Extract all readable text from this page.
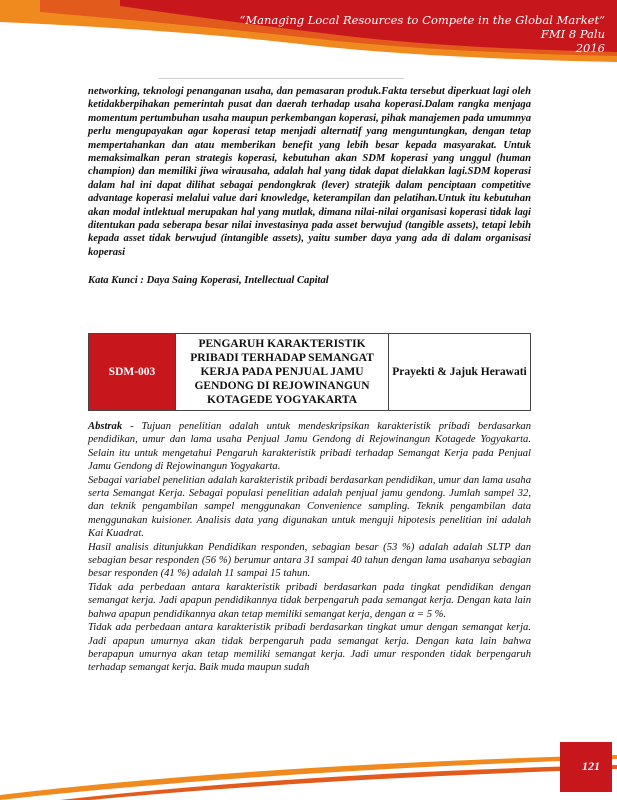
“Managing Local Resources to Compete in the Global Market”
FMI 8 Palu
2016

networking, teknologi penanganan usaha, dan pemasaran produk.Fakta tersebut diperkuat lagi oleh ketidakberpihakan pemerintah pusat dan daerah terhadap usaha koperasi.Dalam rangka menjaga momentum pertumbuhan usaha maupun perkembangan koperasi, pihak manajemen pada umumnya perlu mengupayakan agar koperasi tetap menjadi alternatif yang menguntungkan, dengan tetap mempertahankan dan atau memberikan benefit yang lebih besar kepada masyarakat. Untuk memaksimalkan peran strategis koperasi, kebutuhan akan SDM koperasi yang unggul (human champion) dan memiliki jiwa wirausaha, adalah hal yang tidak dapat dielakkan lagi.SDM koperasi dalam hal ini dapat dilihat sebagai pendongkrak (lever) stratejik dalam penciptaan competitive advantage koperasi melalui value dari knowledge, keterampilan dan pelatihan.Untuk itu kebutuhan akan modal intlektual merupakan hal yang mutlak, dimana nilai-nilai organisasi koperasi tidak lagi ditentukan pada seberapa besar nilai investasinya pada asset berwujud (tangible assets), tetapi lebih kepada asset tidak berwujud (intangible assets), yaitu sumber daya yang ada di dalam organisasi koperasi

Kata Kunci : Daya Saing Koperasi, Intellectual Capital

SDM-003	PENGARUH KARAKTERISTIK PRIBADI TERHADAP SEMANGAT KERJA PADA PENJUAL JAMU GENDONG DI REJOWINANGUN KOTAGEDE YOGYAKARTA	Prayekti & Jajuk Herawati

Abstrak - Tujuan penelitian adalah untuk mendeskripsikan karakteristik pribadi berdasarkan pendidikan, umur dan lama usaha Penjual Jamu Gendong di Rejowinangun Kotagede Yogyakarta. Selain itu untuk mengetahui Pengaruh karakteristik pribadi terhadap Semangat Kerja pada Penjual Jamu Gendong di Rejowinangun Yogyakarta.

Sebagai variabel penelitian adalah karakteristik pribadi berdasarkan pendidikan, umur dan lama usaha serta Semangat Kerja. Sebagai populasi penelitian adalah penjual jamu gendong. Jumlah sampel 32, dan teknik pengambilan sampel menggunakan Convenience sampling. Teknik pengambilan data menggunakan kuisioner. Analisis data yang digunakan untuk menguji hipotesis penelitian ini adalah Kai Kuadrat.

Hasil analisis ditunjukkan Pendidikan responden, sebagian besar (53 %) adalah adalah SLTP dan sebagian besar responden (56 %) berumur antara 31 sampai 40 tahun dengan lama usahanya sebagian besar responden (41 %) adalah 11 sampai 15 tahun.

Tidak ada perbedaan antara karakteristik pribadi berdasarkan pada tingkat pendidikan dengan semangat kerja. Jadi apapun pendidikannya tidak berpengaruh pada semangat kerja. Dengan kata lain bahwa apapun pendidikannya akan tetap memiliki semangat kerja, dengan α = 5 %.

Tidak ada perbedaan antara karakteristik pribadi berdasarkan tingkat umur dengan semangat kerja. Jadi apapun umurnya akan tidak berpengaruh pada semangat kerja. Dengan kata lain bahwa berapapun umurnya akan tetap memiliki semangat kerja. Jadi umur responden tidak berpengaruh terhadap semangat kerja. Baik muda maupun sudah

121
